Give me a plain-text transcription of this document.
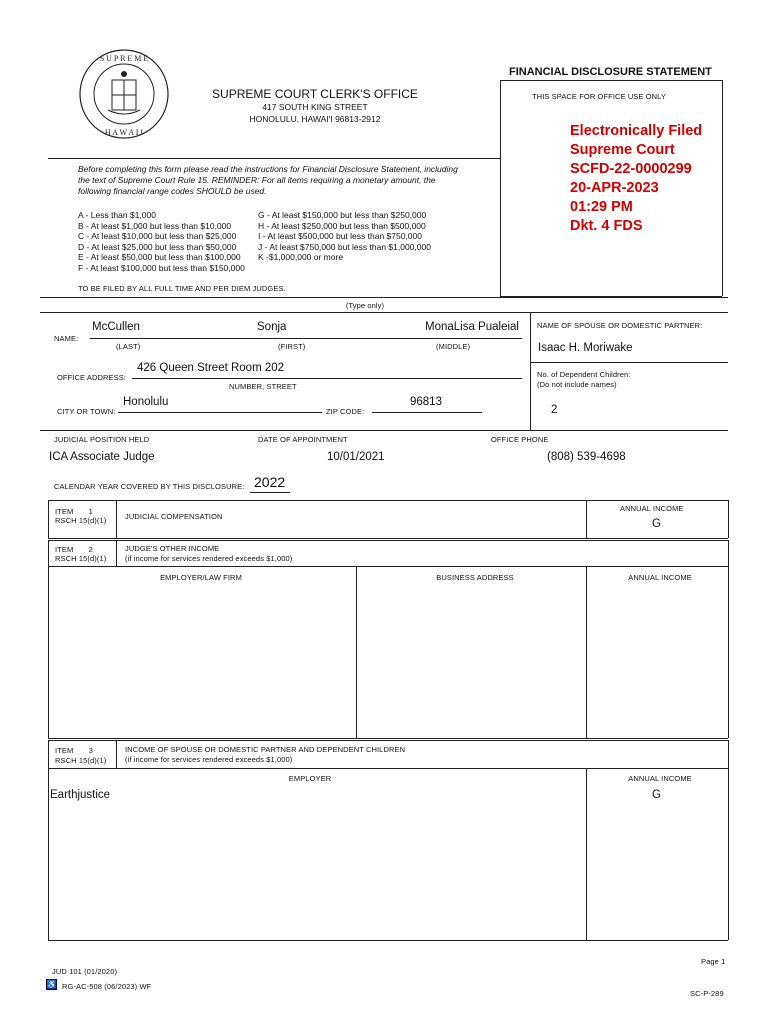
S U P R E M E
H A W A I I
FINANCIAL DISCLOSURE STATEMENT
THIS SPACE FOR OFFICE USE ONLY
SUPREME COURT CLERK'S OFFICE
417 SOUTH KING STREET
HONOLULU, HAWAI'I 96813-2912
Electronically Filed
Supreme Court
SCFD-22-0000299
20-APR-2023
01:29 PM
Dkt. 4 FDS
Before completing this form please read the instructions for Financial Disclosure Statement, including the text of Supreme Court Rule 15. REMINDER: For all items requiring a monetary amount, the following financial range codes SHOULD be used.
A - Less than $1,000
B - At least $1,000 but less than $10,000
C - At least $10,000 but less than $25,000
D - At least $25,000 but less than $50,000
E - At least $50,000 but less than $100,000
F - At least $100,000 but less than $150,000
G - At least $150,000 but less than $250,000
H - At least $250,000 but less than $500,000
I - At least $500,000 but less than $750,000
J - At least $750,000 but less than $1,000,000
K -$1,000,000 or more
TO BE FILED BY ALL FULL TIME AND PER DIEM JUDGES.
(Type only)
NAME:
McCullen	Sonja	MonaLisa Pualeial
(LAST)	(FIRST)	(MIDDLE)
426 Queen Street Room 202
OFFICE ADDRESS:
NUMBER, STREET
Honolulu
CITY OR TOWN:	ZIP CODE:
96813
NAME OF SPOUSE OR DOMESTIC PARTNER:
Isaac H. Moriwake
No. of Dependent Children:
(Do not include names)
2
JUDICIAL POSITION HELD	DATE OF APPOINTMENT	OFFICE PHONE
ICA Associate Judge	10/01/2021	(808) 539-4698
CALENDAR YEAR COVERED BY THIS DISCLOSURE: 2022
ITEM       1
RSCH 15(d)(1) JUDICIAL COMPENSATION
ANNUAL INCOME
G
ITEM       2
RSCH 15(d)(1)
JUDGE'S OTHER INCOME
(if income for services rendered exceeds $1,000)
EMPLOYER/LAW FIRM	BUSINESS ADDRESS	ANNUAL INCOME
ITEM       3
RSCH 15(d)(1)
INCOME OF SPOUSE OR DOMESTIC PARTNER AND DEPENDENT CHILDREN
(if income for services rendered exceeds $1,000)
EMPLOYER	ANNUAL INCOME
Earthjustice	G
Page 1
JUD 101 (01/2020)
♿ RG-AC-508 (06/2023) WF
SC-P-289
